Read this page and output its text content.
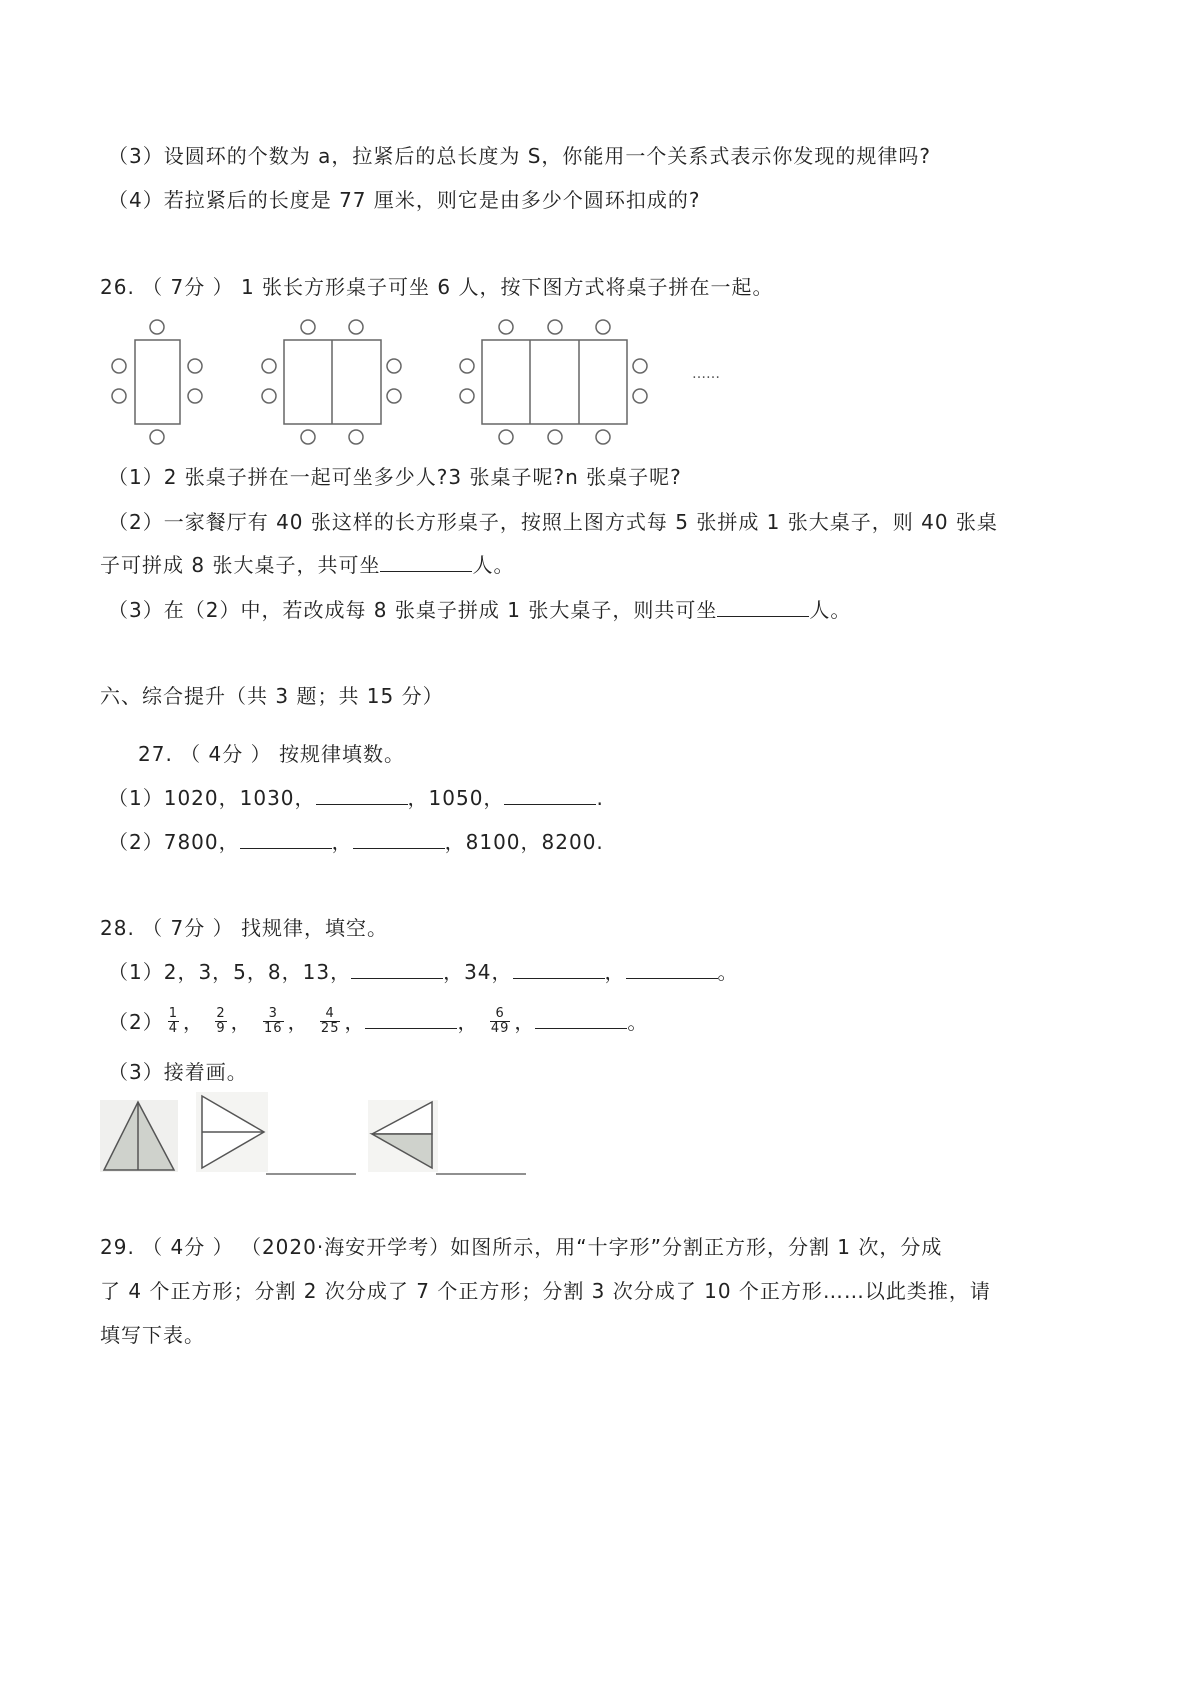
（3）设圆环的个数为 a，拉紧后的总长度为 S，你能用一个关系式表示你发现的规律吗?
（4）若拉紧后的长度是 77 厘米，则它是由多少个圆环扣成的?
26. （ 7分 ） 1 张长方形桌子可坐 6 人，按下图方式将桌子拼在一起。
……
（1）2 张桌子拼在一起可坐多少人?3 张桌子呢?n 张桌子呢?
（2）一家餐厅有 40 张这样的长方形桌子，按照上图方式每 5 张拼成 1 张大桌子，则 40 张桌
子可拼成 8 张大桌子，共可坐	人。
（3）在（2）中，若改成每 8 张桌子拼成 1 张大桌子，则共可坐	人。
六、综合提升（共 3 题；共 15 分）
27. （ 4分 ） 按规律填数。
（1）1020，1030，	，1050，	.
（2）7800，	，	，8100，8200.
28. （ 7分 ） 找规律，填空。
（1）2，3，5，8，13，	，34，	，	。
$(2) \frac{1}{4}$ ， $\frac{2}{9}$ ， $\frac{3}{16}$ ， $\frac{4}{25}$ ，	， $\frac{6}{49}$ ，	。
（3）接着画。
29. （ 4分 ） （2020·海安开学考）如图所示，用“十字形”分割正方形，分割 1 次，分成
了 4 个正方形；分割 2 次分成了 7 个正方形；分割 3 次分成了 10 个正方形……以此类推，请
填写下表。
